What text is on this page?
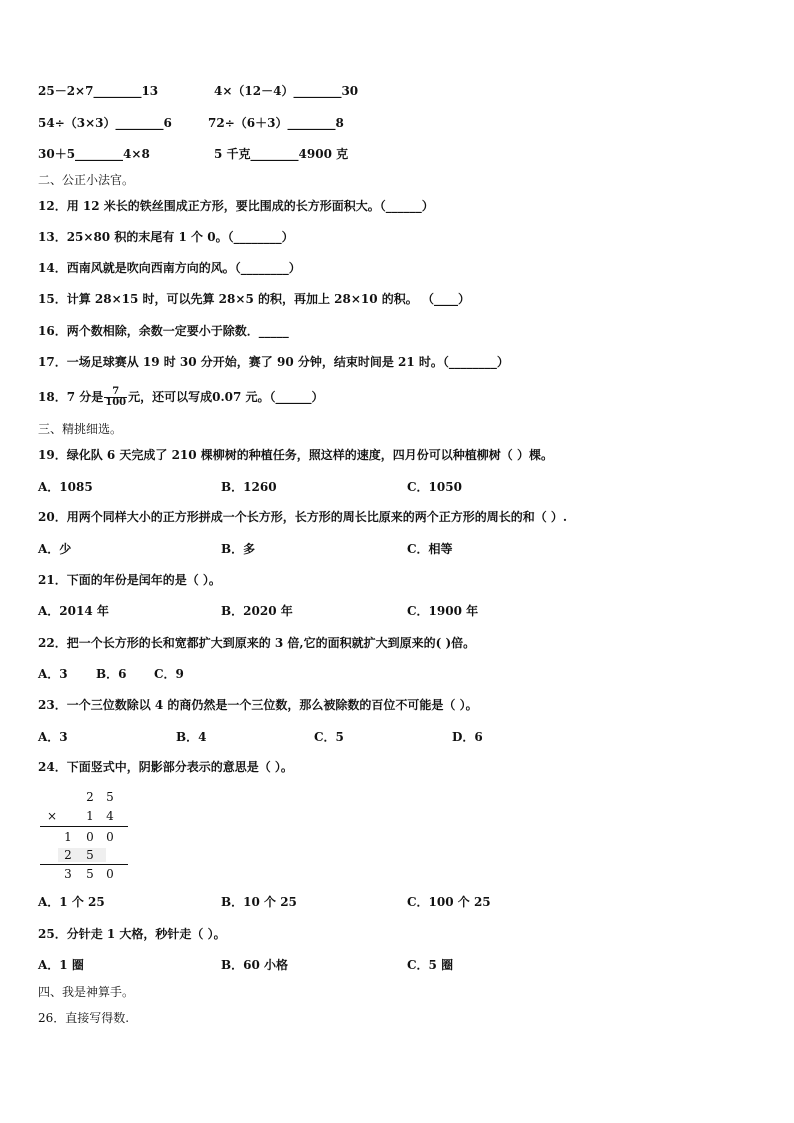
25－2×7________13	4×（12－4）________30
54÷（3×3）________6	72÷（6＋3）________8
30＋5________4×8	5 千克________4900 克
二、公正小法官。
12．用 12 米长的铁丝围成正方形，要比围成的长方形面积大。（______）
13．25×80 积的末尾有 1 个 0。（________）
14．西南风就是吹向西南方向的风。（________）
15．计算 28×15 时，可以先算 28×5 的积，再加上 28×10 的积。 （____）
16．两个数相除，余数一定要小于除数．_____
17．一场足球赛从 19 时 30 分开始，赛了 90 分钟，结束时间是 21 时。（________）
18．7 分是 $\frac{7}{100}$ 元，还可以写成0.07 元。（______）
三、精挑细选。
19．绿化队 6 天完成了 210 棵柳树的种植任务，照这样的速度，四月份可以种植柳树（ ）棵。
A．1085	B．1260	C．1050
20．用两个同样大小的正方形拼成一个长方形，长方形的周长比原来的两个正方形的周长的和（ ）.
A．少	B．多	C．相等
21．下面的年份是闰年的是（ ）。
A．2014 年	B．2020 年	C．1900 年
22．把一个长方形的长和宽都扩大到原来的 3 倍,它的面积就扩大到原来的( )倍。
A．3 B．6 C．9
23．一个三位数除以 4 的商仍然是一个三位数，那么被除数的百位不可能是（ ）。
A．3	B．4	C．5	D．6
24．下面竖式中，阴影部分表示的意思是（ ）。
2 5
× 1 4
1 0 0
2 5
3 5 0
A．1 个 25	B．10 个 25	C．100 个 25
25．分针走 1 大格，秒针走（ ）。
A．1 圈	B．60 小格	C．5 圈
四、我是神算手。
26．直接写得数.
